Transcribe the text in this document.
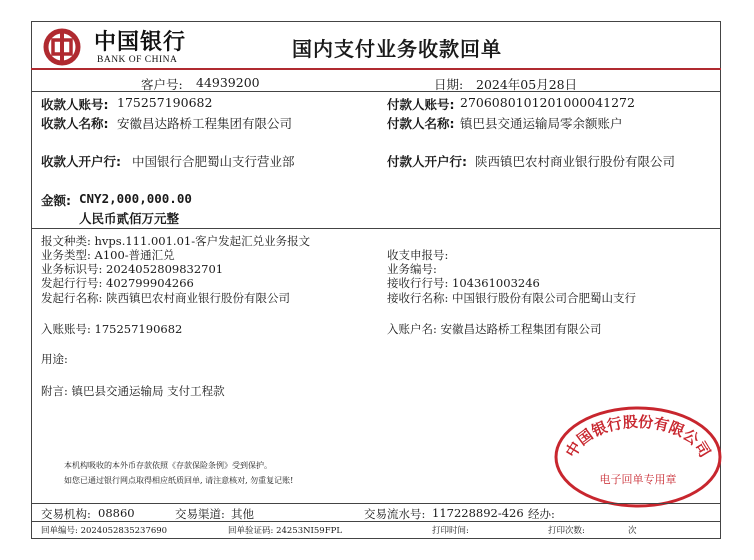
中国银行
BANK OF CHINA	国内支付业务收款回单
客户号: 44939200	日期: 2024年05月28日
收款人账号: 175257190682	付款人账号: 2706080101201000041272
收款人名称: 安徽昌达路桥工程集团有限公司	付款人名称: 镇巴县交通运输局零余额账户
收款人开户行: 中国银行合肥蜀山支行营业部	付款人开户行: 陕西镇巴农村商业银行股份有限公司
金额: CNY2,000,000.00
人民币贰佰万元整
报文种类: hvps.111.001.01-客户发起汇兑业务报文
业务类型: A100-普通汇兑
业务标识号: 2024052809832701
发起行行号: 402799904266
发起行名称: 陕西镇巴农村商业银行股份有限公司
收支申报号:
业务编号:
接收行行号: 104361003246
接收行名称: 中国银行股份有限公司合肥蜀山支行
入账账号: 175257190682	入账户名: 安徽昌达路桥工程集团有限公司
用途:
附言: 镇巴县交通运输局 支付工程款
本机构吸收的本外币存款依照《存款保险条例》受到保护。
如您已通过银行网点取得相应纸质回单, 请注意核对, 勿重复记账!
中国银行股份有限公司
电子回单专用章
交易机构: 08860	交易渠道: 其他	交易流水号: 117228892-426 经办:
回单编号: 2024052835237690	回单验证码: 24253NI59FPL	打印时间:	打印次数:	次
